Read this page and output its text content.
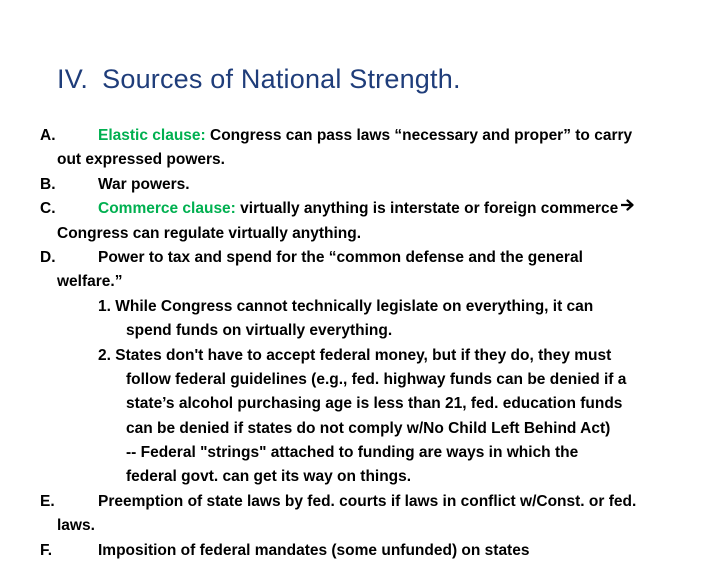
IV. Sources of National Strength.
A.	Elastic clause: Congress can pass laws “necessary and proper” to carry
out expressed powers.
B.	War powers.
C.	Commerce clause: virtually anything is interstate or foreign commerce
Congress can regulate virtually anything.
D.	Power to tax and spend for the “common defense and the general
welfare.”
1. While Congress cannot technically legislate on everything, it can
spend funds on virtually everything.
2. States don't have to accept federal money, but if they do, they must
follow federal guidelines (e.g., fed. highway funds can be denied if a
state’s alcohol purchasing age is less than 21, fed. education funds
can be denied if states do not comply w/No Child Left Behind Act)
-- Federal "strings" attached to funding are ways in which the
federal govt. can get its way on things.
E.	Preemption of state laws by fed. courts if laws in conflict w/Const. or fed.
laws.
F.	Imposition of federal mandates (some unfunded) on states
